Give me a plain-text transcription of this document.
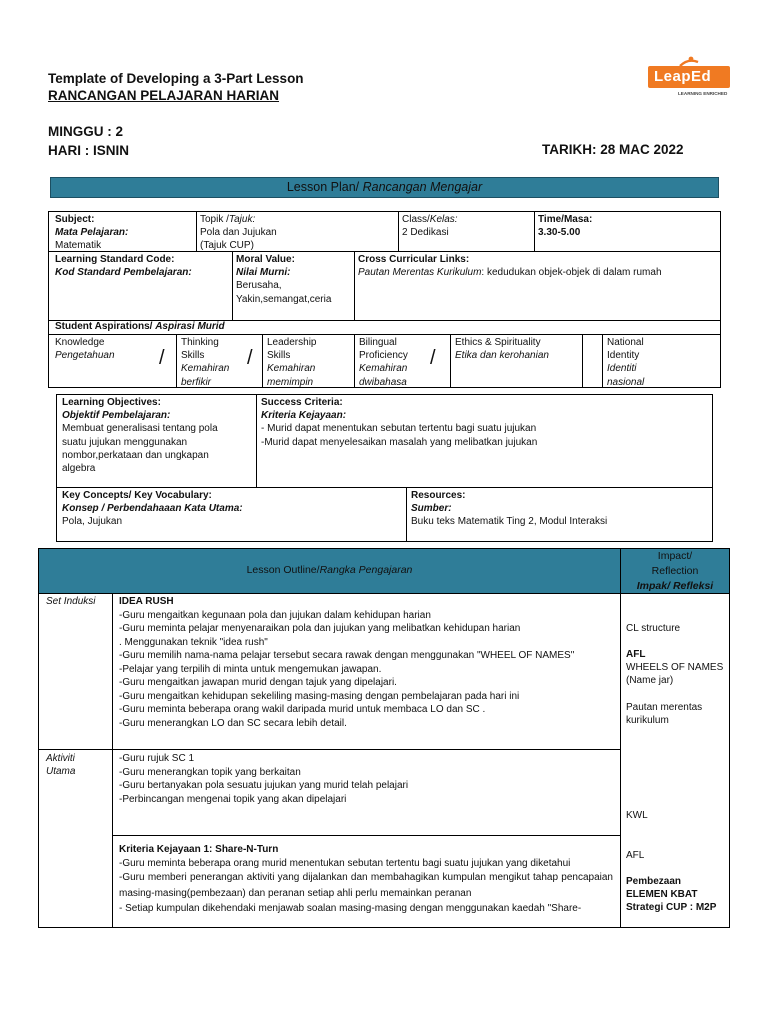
Template of Developing a 3-Part Lesson
RANCANGAN PELAJARAN HARIAN
LeapEd
LEARNING ENRICHED
MINGGU : 2
HARI : ISNIN	TARIKH: 28 MAC 2022
Lesson Plan/ Rancangan Mengajar
Subject:
Mata Pelajaran:
Matematik
Topik /Tajuk:
Pola dan Jujukan
(Tajuk CUP)
Class/Kelas:
2 Dedikasi
Time/Masa:
3.30-5.00
Learning Standard Code:
Kod Standard Pembelajaran:
Moral Value:
Nilai Murni:
Berusaha,
Yakin,semangat,ceria
Cross Curricular Links:
Pautan Merentas Kurikulum: kedudukan objek-objek di dalam rumah
Student Aspirations/ Aspirasi Murid
Knowledge
Pengetahuan /
Thinking
Skills
Kemahiran
berfikir
/
Leadership
Skills
Kemahiran
memimpin
Bilingual
Proficiency
Kemahiran
dwibahasa
/
Ethics & Spirituality
Etika dan kerohanian
National
Identity
Identiti
nasional
Learning Objectives:
Objektif Pembelajaran:
Membuat generalisasi tentang pola
suatu jujukan menggunakan
nombor,perkataan dan ungkapan
algebra
Success Criteria:
Kriteria Kejayaan:
- Murid dapat menentukan sebutan tertentu bagi suatu jujukan
-Murid dapat menyelesaikan masalah yang melibatkan jujukan
Key Concepts/ Key Vocabulary:
Konsep / Perbendahaaan Kata Utama:
Pola, Jujukan
Resources:
Sumber:
Buku teks Matematik Ting 2, Modul Interaksi
Lesson Outline/Rangka Pengajaran
Impact/
Reflection
Impak/ Refleksi
Set Induksi IDEA RUSH
-Guru mengaitkan kegunaan pola dan jujukan dalam kehidupan harian
-Guru meminta pelajar menyenaraikan pola dan jujukan yang melibatkan kehidupan harian
. Menggunakan teknik "idea rush"
-Guru memilih nama-nama pelajar tersebut secara rawak dengan menggunakan "WHEEL OF NAMES"
-Pelajar yang terpilih di minta untuk mengemukan jawapan.
-Guru mengaitkan jawapan murid dengan tajuk yang dipelajari.
-Guru mengaitkan kehidupan sekeliling masing-masing dengan pembelajaran pada hari ini
-Guru meminta beberapa orang wakil daripada murid untuk membaca LO dan SC .
-Guru menerangkan LO dan SC secara lebih detail.
Aktiviti
Utama
-Guru rujuk SC 1
-Guru menerangkan topik yang berkaitan
-Guru bertanyakan pola sesuatu jujukan yang murid telah pelajari
-Perbincangan mengenai topik yang akan dipelajari
Kriteria Kejayaan 1: Share-N-Turn
-Guru meminta beberapa orang murid menentukan sebutan tertentu bagi suatu jujukan yang diketahui
-Guru memberi penerangan aktiviti yang dijalankan dan membahagikan kumpulan mengikut tahap pencapaian masing-masing(pembezaan) dan peranan setiap ahli perlu memainkan peranan
- Setiap kumpulan dikehendaki menjawab soalan masing-masing dengan menggunakan kaedah "Share-
CL structure
AFL
WHEELS OF NAMES
(Name jar)
Pautan merentas
kurikulum
KWL
AFL
Pembezaan
ELEMEN KBAT
Strategi CUP : M2P
